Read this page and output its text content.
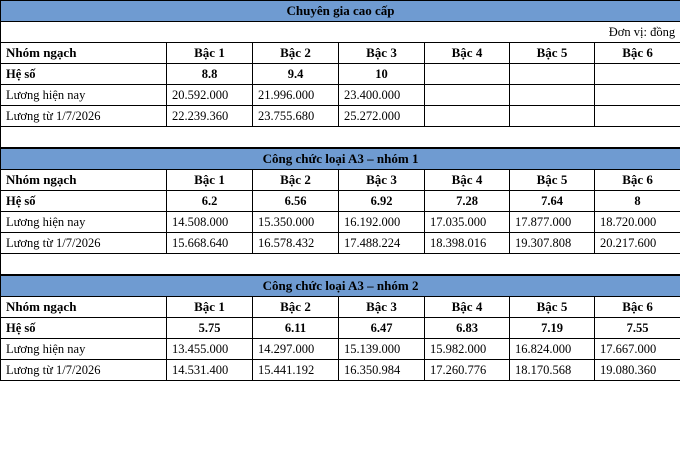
Chuyên gia cao cấp						
Đơn vị: đồng						
Nhóm ngạch	Bậc 1	Bậc 2	Bậc 3	Bậc 4	Bậc 5	Bậc 6
Hệ số	8.8	9.4	10			
Lương hiện nay	20.592.000	21.996.000	23.400.000			
Lương từ 1/7/2026	22.239.360	23.755.680	25.272.000			

Công chức loại A3 – nhóm 1						
Nhóm ngạch	Bậc 1	Bậc 2	Bậc 3	Bậc 4	Bậc 5	Bậc 6
Hệ số	6.2	6.56	6.92	7.28	7.64	8
Lương hiện nay	14.508.000	15.350.000	16.192.000	17.035.000	17.877.000	18.720.000
Lương từ 1/7/2026	15.668.640	16.578.432	17.488.224	18.398.016	19.307.808	20.217.600

Công chức loại A3 – nhóm 2						
Nhóm ngạch	Bậc 1	Bậc 2	Bậc 3	Bậc 4	Bậc 5	Bậc 6
Hệ số	5.75	6.11	6.47	6.83	7.19	7.55
Lương hiện nay	13.455.000	14.297.000	15.139.000	15.982.000	16.824.000	17.667.000
Lương từ 1/7/2026	14.531.400	15.441.192	16.350.984	17.260.776	18.170.568	19.080.360
